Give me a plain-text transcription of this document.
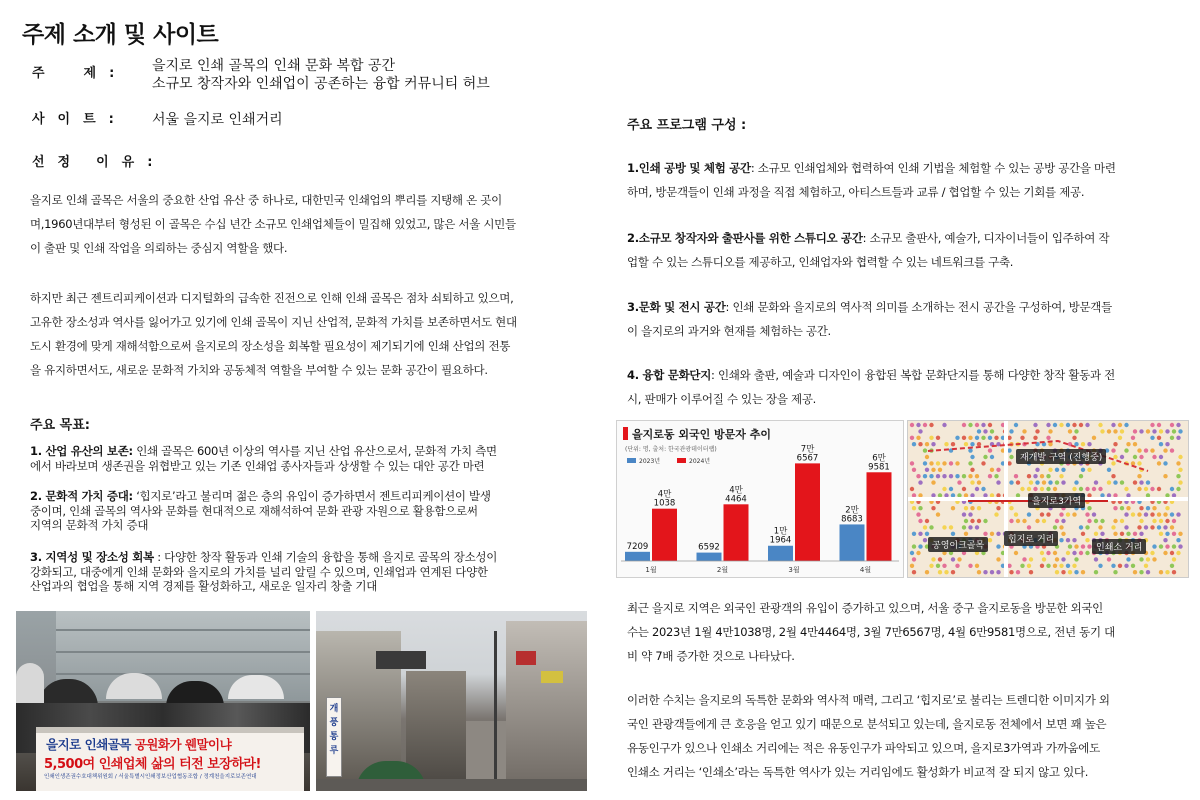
주제 소개 및 사이트
주　　　제　:	을지로 인쇄 골목의 인쇄 문화 복합 공간
소규모 창작자와 인쇄업이 공존하는 융합 커뮤니티 허브
사　이　트　:	서울 을지로 인쇄거리
선　정　　이　유　:
을지로 인쇄 골목은 서울의 중요한 산업 유산 중 하나로, 대한민국 인쇄업의 뿌리를 지탱해 온 곳이
며,1960년대부터 형성된 이 골목은 수십 년간 소규모 인쇄업체들이 밀집해 있었고, 많은 서울 시민들
이 출판 및 인쇄 작업을 의뢰하는 중심지 역할을 했다.
하지만 최근 젠트리피케이션과 디지털화의 급속한 진전으로 인해 인쇄 골목은 점차 쇠퇴하고 있으며,
고유한 장소성과 역사를 잃어가고 있기에 인쇄 골목이 지닌 산업적, 문화적 가치를 보존하면서도 현대
도시 환경에 맞게 재해석함으로써 을지로의 장소성을 회복할 필요성이 제기되기에 인쇄 산업의 전통
을 유지하면서도, 새로운 문화적 가치와 공동체적 역할을 부여할 수 있는 문화 공간이 필요하다.
주요 목표:
1. 산업 유산의 보존: 인쇄 골목은 600년 이상의 역사를 지닌 산업 유산으로서, 문화적 가치 측면
에서 바라보며 생존권을 위협받고 있는 기존 인쇄업 종사자들과 상생할 수 있는 대안 공간 마련
2. 문화적 가치 증대: ‘힙지로’라고 불리며 젊은 층의 유입이 증가하면서 젠트리피케이션이 발생
중이며, 인쇄 골목의 역사와 문화를 현대적으로 재해석하여 문화 관광 자원으로 활용함으로써
지역의 문화적 가치 증대
3. 지역성 및 장소성 회복 : 다양한 창작 활동과 인쇄 기술의 융합을 통해 을지로 골목의 장소성이
강화되고, 대중에게 인쇄 문화와 을지로의 가치를 널리 알릴 수 있으며, 인쇄업과 연계된 다양한
산업과의 협업을 통해 지역 경제를 활성화하고, 새로운 일자리 창출 기대
을지로 인쇄골목 공원화가 웬말이냐
5,500여 인쇄업체 삶의 터전 보장하라!
인쇄인생존권수호대책위원회 / 서울특별시인쇄정보산업협동조합 / 정계천을지로보존연대
개 풍 통 루
주요 프로그램 구성 :
1.인쇄 공방 및 체험 공간: 소규모 인쇄업체와 협력하여 인쇄 기법을 체험할 수 있는 공방 공간을 마련
하며, 방문객들이 인쇄 과정을 직접 체험하고, 아티스트들과 교류 / 협업할 수 있는 기회를 제공.
2.소규모 창작자와 출판사를 위한 스튜디오 공간: 소규모 출판사, 예술가, 디자이너들이 입주하여 작
업할 수 있는 스튜디오를 제공하고, 인쇄업자와 협력할 수 있는 네트워크를 구축.
3.문화 및 전시 공간: 인쇄 문화와 을지로의 역사적 의미를 소개하는 전시 공간을 구성하여, 방문객들
이 을지로의 과거와 현재를 체험하는 공간.
4. 융합 문화단지: 인쇄와 출판, 예술과 디자인이 융합된 복합 문화단지를 통해 다양한 창작 활동과 전
시, 판매가 이루어질 수 있는 장을 제공.
을지로동 외국인 방문자 추이
(단위: 명, 출처: 한국관광데이터랩)
2023년	2024년
7209
4만
1038
1월
6592
4만
4464
2월
1만
1964
7만
6567
3월
2만
8683
6만
9581
4월
재개발 구역 (진행중)
을지로3가역
공영이크골목
힙지로 거리
인쇄소 거리
최근 을지로 지역은 외국인 관광객의 유입이 증가하고 있으며, 서울 중구 을지로동을 방문한 외국인
수는 2023년 1월 4만1038명, 2월 4만4464명, 3월 7만6567명, 4월 6만9581명으로, 전년 동기 대
비 약 7배 증가한 것으로 나타났다.
이러한 수치는 을지로의 독특한 문화와 역사적 매력, 그리고 ‘힙지로’로 불리는 트렌디한 이미지가 외
국인 관광객들에게 큰 호응을 얻고 있기 때문으로 분석되고 있는데, 을지로동 전체에서 보면 꽤 높은
유동인구가 있으나 인쇄소 거리에는 적은 유동인구가 파악되고 있으며, 을지로3가역과 가까움에도
인쇄소 거리는 ‘인쇄소’라는 독특한 역사가 있는 거리임에도 활성화가 비교적 잘 되지 않고 있다.
